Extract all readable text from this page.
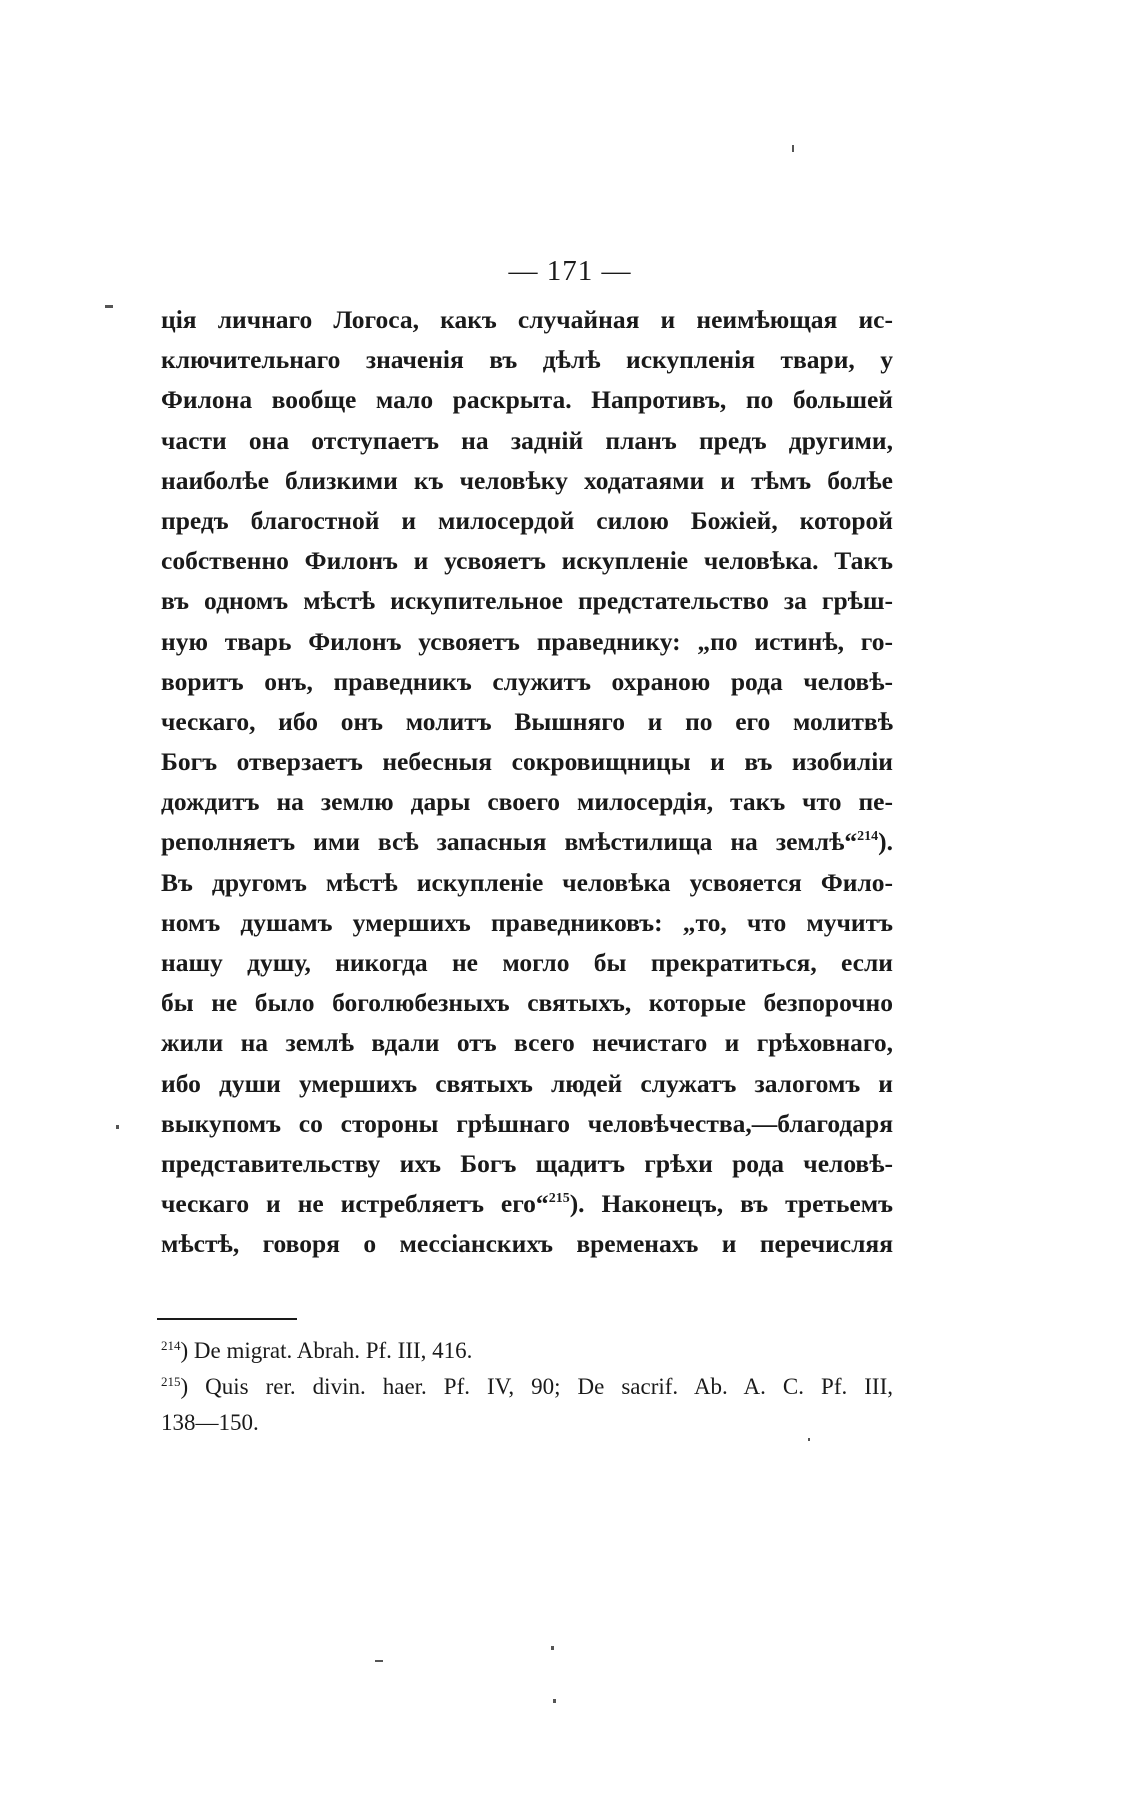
— 171 —
ція личнаго Логоса, какъ случайная и неимѣющая ис-
ключительнаго значенія въ дѣлѣ искупленія твари, у
Филона вообще мало раскрыта. Напротивъ, по большей
части она отступаетъ на заднiй планъ предъ другими,
наиболѣе близкими къ человѣку ходатаями и тѣмъ болѣе
предъ благостной и милосердой силою Божiей, которой
собственно Филонъ и усвояетъ искупленіе человѣка. Такъ
въ одномъ мѣстѣ искупительное предстательство за грѣш-
ную тварь Филонъ усвояетъ праведнику: „по истинѣ, го-
воритъ онъ, праведникъ служитъ охраною рода человѣ-
ческаго, ибо онъ молитъ Вышняго и по его молитвѣ
Богъ отверзаетъ небесныя сокровищницы и въ изобиліи
дождитъ на землю дары своего милосердія, такъ что пе-
реполняетъ ими всѣ запасныя вмѣстилища на землѣ“$^{214}$).
Въ другомъ мѣстѣ искупленіе человѣка усвояется Фило-
номъ душамъ умершихъ праведниковъ: „то, что мучитъ
нашу душу, никогда не могло бы прекратиться, если
бы не было боголюбезныхъ святыхъ, которые безпорочно
жили на землѣ вдали отъ всего нечистаго и грѣховнаго,
ибо души умершихъ святыхъ людей служатъ залогомъ и
выкупомъ со стороны грѣшнаго человѣчества,—благодаря
представительству ихъ Богъ щадитъ грѣхи рода человѣ-
ческаго и не истребляетъ его“$^{215}$). Наконецъ, въ третьемъ
мѣстѣ, говоря о мессіанскихъ временахъ и перечисляя
$^{214}$) De migrat. Abrah. Pf. III, 416.
$^{215}$) Quis rer. divin. haer. Pf. IV, 90; De sacrif. Ab. A. C. Pf. III,
138—150.
